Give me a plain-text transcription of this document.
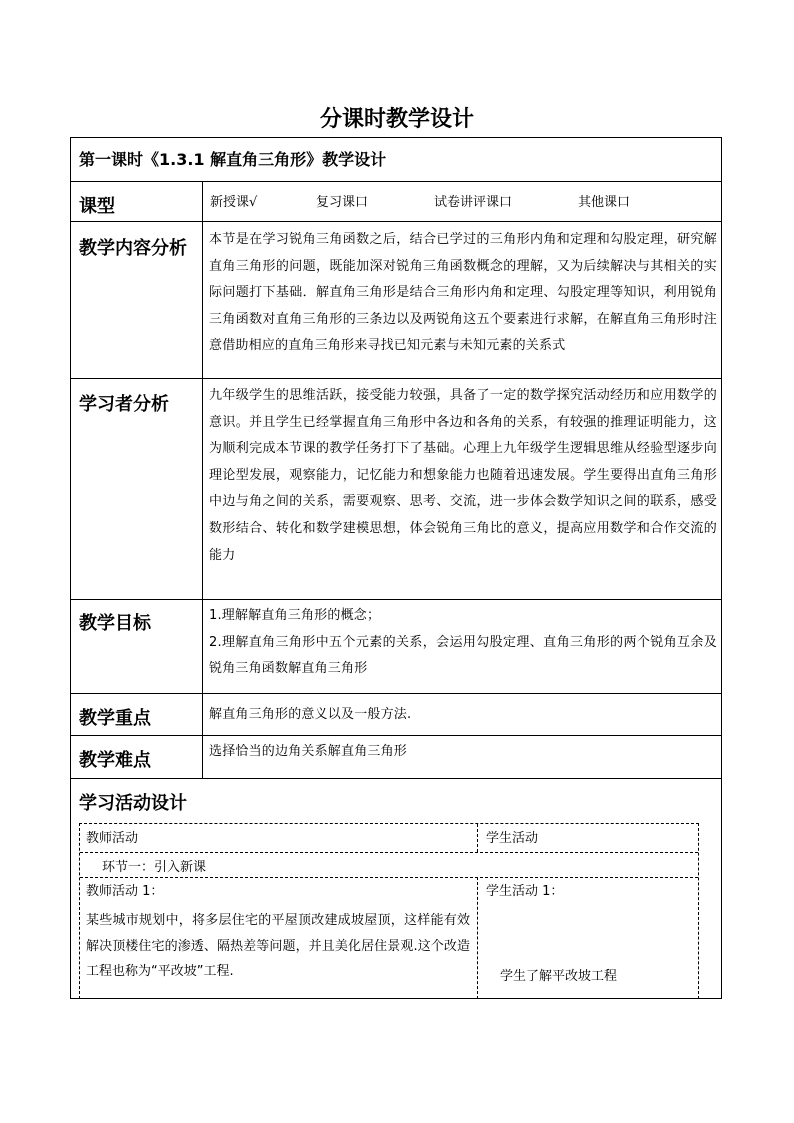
分课时教学设计
第一课时《1.3.1 解直角三角形》教学设计
课型	新授课√	复习课口	试卷讲评课口	其他课口
教学内容分析 本节是在学习锐角三角函数之后，结合已学过的三角形内角和定理和勾股定理，研究解直角三角形的问题，既能加深对锐角三角函数概念的理解，又为后续解决与其相关的实际问题打下基础．解直角三角形是结合三角形内角和定理、勾股定理等知识，利用锐角三角函数对直角三角形的三条边以及两锐角这五个要素进行求解，在解直角三角形时注意借助相应的直角三角形来寻找已知元素与未知元素的关系式
学习者分析	九年级学生的思维活跃，接受能力较强，具备了一定的数学探究活动经历和应用数学的意识。并且学生已经掌握直角三角形中各边和各角的关系，有较强的推理证明能力，这为顺利完成本节课的教学任务打下了基础。心理上九年级学生逻辑思维从经验型逐步向理论型发展，观察能力，记忆能力和想象能力也随着迅速发展。学生要得出直角三角形中边与角之间的关系，需要观察、思考、交流，进一步体会数学知识之间的联系，感受数形结合、转化和数学建模思想，体会锐角三角比的意义，提高应用数学和合作交流的能力
教学目标	1.理解解直角三角形的概念；
2.理解直角三角形中五个元素的关系，会运用勾股定理、直角三角形的两个锐角互余及锐角三角函数解直角三角形
教学重点	解直角三角形的意义以及一般方法.
教学难点	选择恰当的边角关系解直角三角形
学习活动设计
教师活动	学生活动
环节一：引入新课
教师活动 1：
某些城市规划中，将多层住宅的平屋顶改建成坡屋顶，这样能有效解决顶楼住宅的渗透、隔热差等问题，并且美化居住景观.这个改造工程也称为“平改坡”工程.
学生活动 1：
学生了解平改坡工程
